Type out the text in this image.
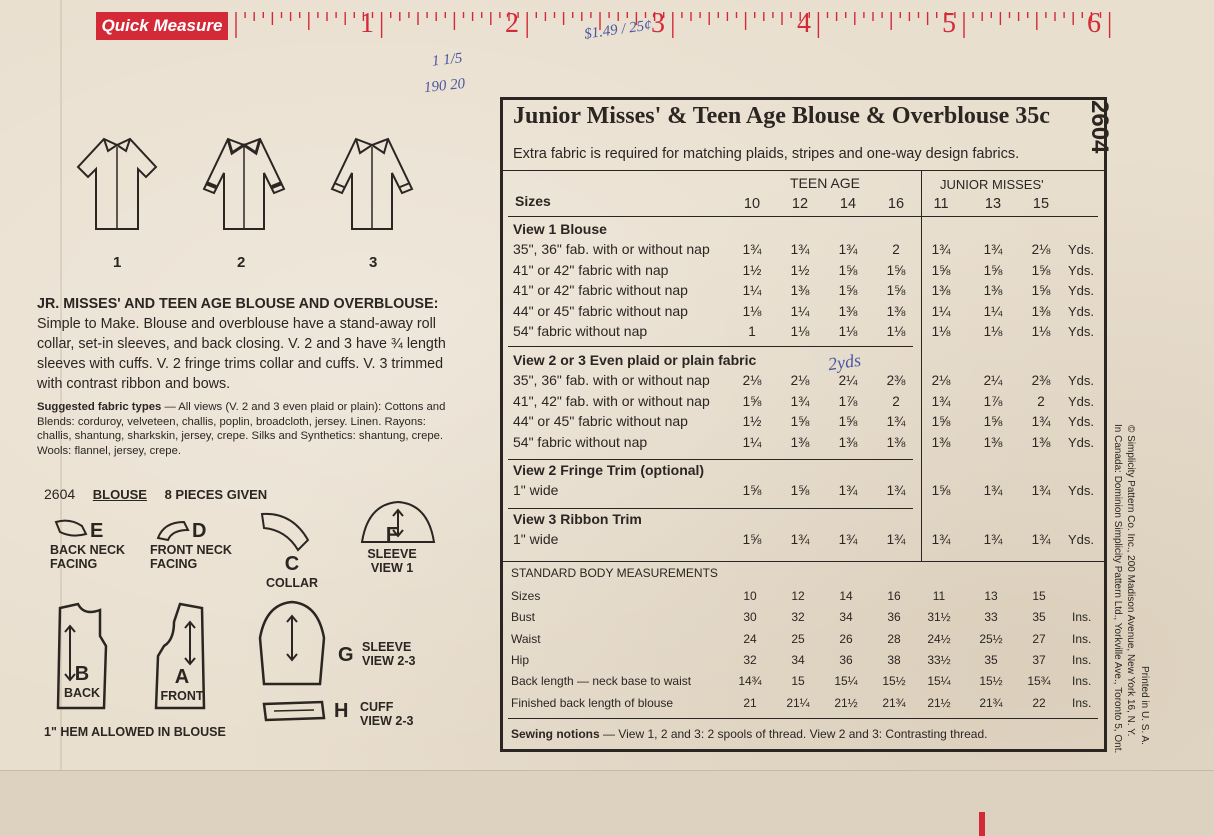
Quick Measure	1	2	3	4	5	6
$1.49 / 25¢
1 1/5
190 20
1	2	3
JR. MISSES' AND TEEN AGE BLOUSE AND OVERBLOUSE: Simple to Make. Blouse and overblouse have a stand-away roll collar, set-in sleeves, and back closing. V. 2 and 3 have ¾ length sleeves with cuffs. V. 2 fringe trims collar and cuffs. V. 3 trimmed with contrast ribbon and bows.
Suggested fabric types — All views (V. 2 and 3 even plaid or plain): Cottons and Blends: corduroy, velveteen, challis, poplin, broadcloth, jersey. Linen. Rayons: challis, shantung, sharkskin, jersey, crepe. Silks and Synthetics: shantung, crepe. Wools: flannel, jersey, crepe.
2604 BLOUSE 8 PIECES GIVEN
E
BACK NECK
FACING
D
FRONT NECK
FACING	C
COLLAR
F
SLEEVE
VIEW 1
B
BACK
A
FRONT
G SLEEVE
VIEW 2-3
H CUFF
VIEW 2-3
1" HEM ALLOWED IN BLOUSE
Junior Misses' & Teen Age Blouse & Overblouse 35c
Extra fabric is required for matching plaids, stripes and one-way design fabrics.
TEEN AGE	JUNIOR MISSES'
Sizes	10	12	14	16	11	13	15
View 1 Blouse
35", 36" fab. with or without nap	1¾	1¾	1¾	2	1¾	1¾	2⅛	Yds.
41" or 42" fabric with nap	1½	1½	1⅝	1⅝	1⅝	1⅝	1⅝	Yds.
41" or 42" fabric without nap	1¼	1⅜	1⅝	1⅝	1⅜	1⅜	1⅝	Yds.
44" or 45" fabric without nap	1⅛	1¼	1⅜	1⅜	1¼	1¼	1⅜	Yds.
54" fabric without nap	1	1⅛	1⅛	1⅛	1⅛	1⅛	1⅛	Yds.
View 2 or 3 Even plaid or plain fabric
35", 36" fab. with or without nap	2⅛	2⅛	2¼	2⅜	2⅛	2¼	2⅜	Yds.
41", 42" fab. with or without nap	1⅝	1¾	1⅞	2	1¾	1⅞	2	Yds.
44" or 45" fabric without nap	1½	1⅝	1⅝	1¾	1⅝	1⅝	1¾	Yds.
54" fabric without nap	1¼	1⅜	1⅜	1⅜	1⅜	1⅜	1⅜	Yds.
View 2 Fringe Trim (optional)
1" wide	1⅝	1⅝	1¾	1¾	1⅝	1¾	1¾	Yds.
View 3 Ribbon Trim
1" wide	1⅝	1¾	1¾	1¾	1¾	1¾	1¾	Yds.
STANDARD BODY MEASUREMENTS
Sizes	10	12	14	16	11	13	15
Bust	30	32	34	36	31½	33	35	Ins.
Waist	24	25	26	28	24½	25½	27	Ins.
Hip	32	34	36	38	33½	35	37	Ins.
Back length — neck base to waist	14¾	15	15¼	15½	15¼	15½	15¾	Ins.
Finished back length of blouse	21	21¼	21½	21¾	21½	21¾	22	Ins.
Sewing notions — View 1, 2 and 3: 2 spools of thread. View 2 and 3: Contrasting thread.
2yds
2604
© Simplicity Pattern Co. Inc., 200 Madison Avenue, New York 16, N. Y.
In Canada: Dominion Simplicity Pattern Ltd., Yorkville Ave., Toronto 5, Ont. Printed in U. S. A.
